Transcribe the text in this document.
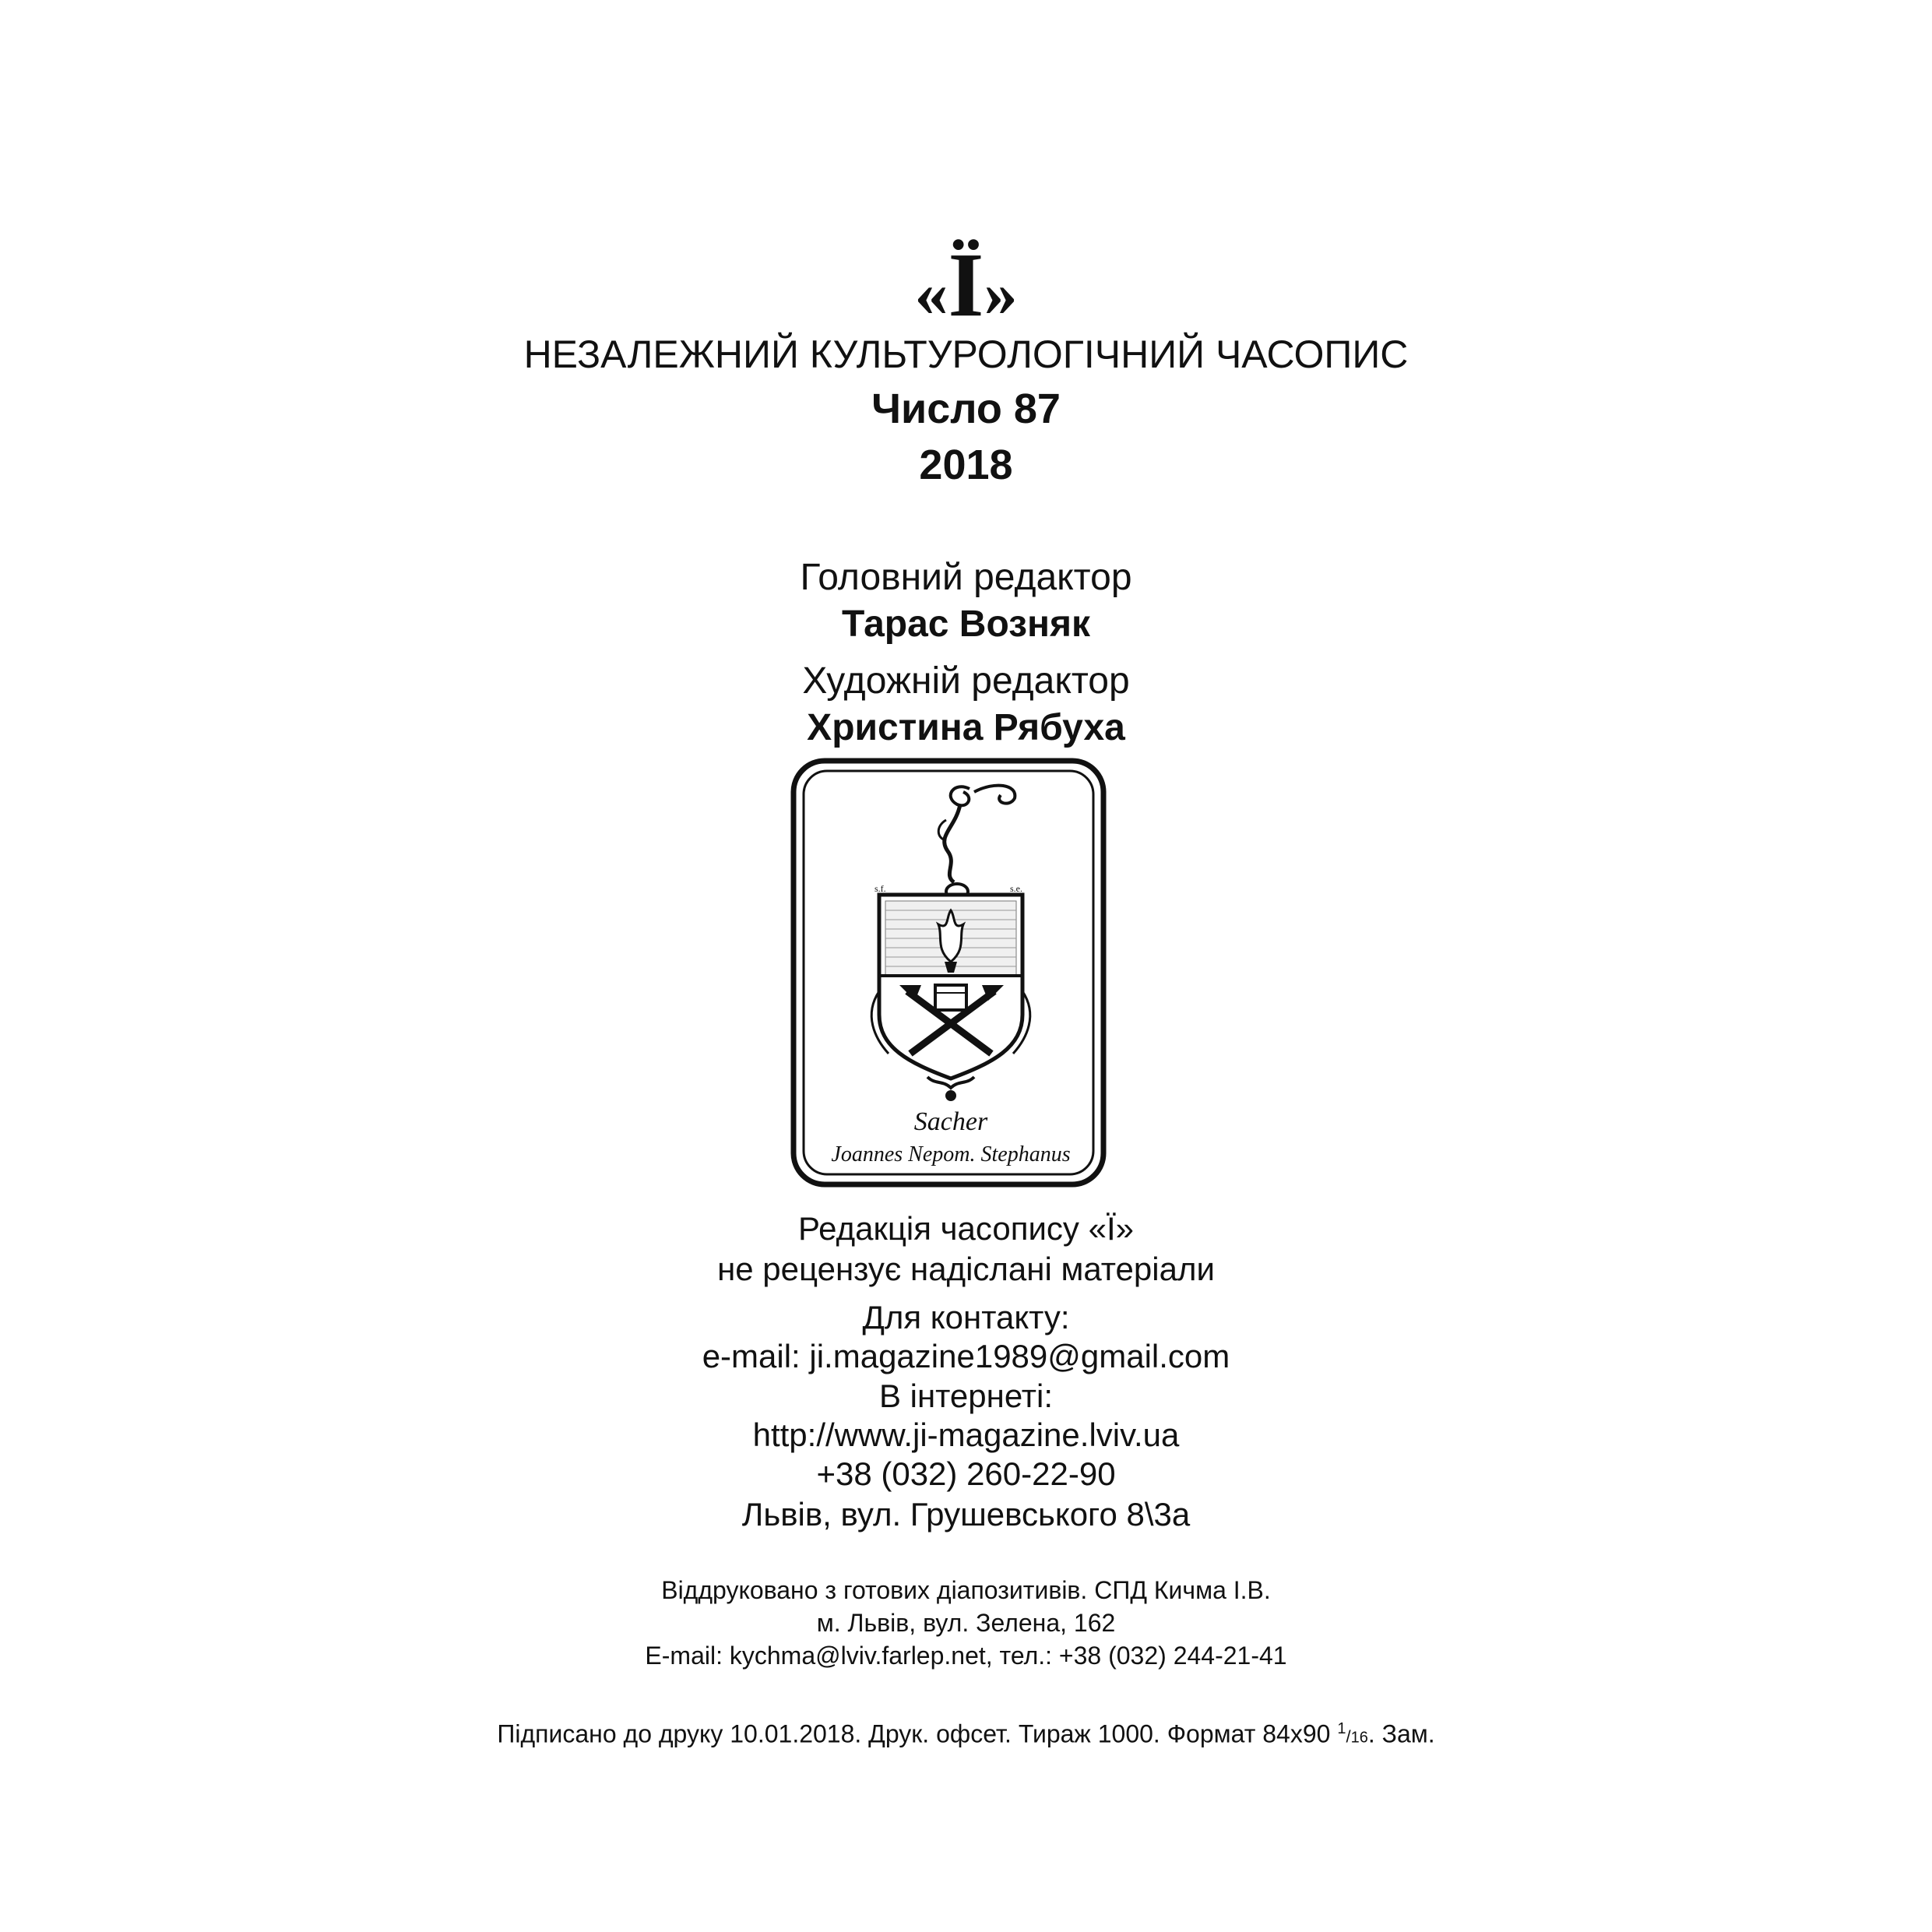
«Ї»
НЕЗАЛЕЖНИЙ КУЛЬТУРОЛОГІЧНИЙ ЧАСОПИС
Число 87
2018
Головний редактор
Тарас Возняк
Художній редактор
Христина Рябуха
s.f.	s.e.
Sacher
Joannes Nepom. Stephanus
Редакція часопису «Ї»
не рецензує надіслані матеріали
Для контакту:
e-mail: ji.magazine1989@gmail.com
В інтернеті:
http://www.ji-magazine.lviv.ua
+38 (032) 260-22-90
Львів, вул. Грушевського 8\3а
Віддруковано з готових діапозитивів. СПД Кичма І.В.
м. Львів, вул. Зелена, 162
E-mail: kychma@lviv.farlep.net, тел.: +38 (032) 244-21-41
Підписано до друку 10.01.2018. Друк. офсет. Тираж 1000. Формат 84х90 $^1$/16. Зам.
